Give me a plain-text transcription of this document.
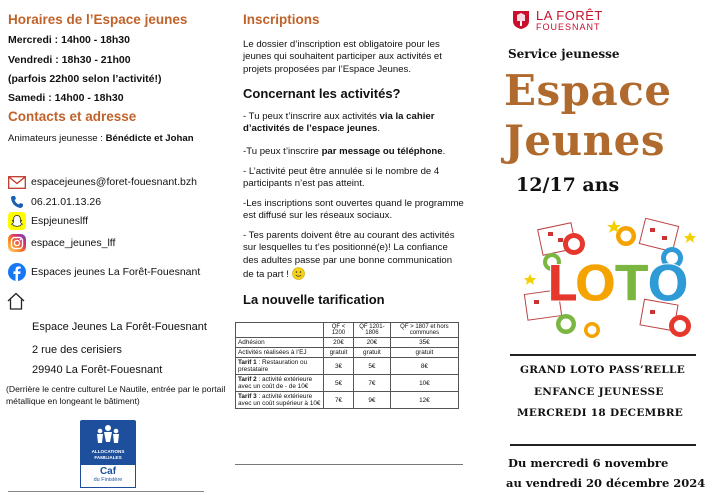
Horaires de l’Espace jeunes
Mercredi : 14h00 - 18h30
Vendredi : 18h30 - 21h00
(parfois 22h00 selon l’activité!)
Samedi : 14h00 - 18h30
Contacts et adresse
Animateurs jeunesse : Bénédicte et Johan
espacejeunes@foret-fouesnant.bzh
06.21.01.13.26
Espjeuneslff
espace_jeunes_lff
Espaces jeunes La Forêt-Fouesnant
Espace Jeunes La Forêt-Fouesnant
2 rue des cerisiers
29940 La Forêt-Fouesnant
(Derrière le centre culturel Le Nautile, entrée par le portail métallique en longeant le bâtiment)
ALLOCATIONS
FAMILIALES
Caf
du Finistère
Inscriptions
Le dossier d’inscription est obligatoire pour les jeunes qui souhaitent participer aux activités et projets proposées par l’Espace Jeunes.
Concernant les activités?
- Tu peux t’inscrire aux activités via la cahier d’activités de l’espace jeunes.
-Tu peux t’inscrire par message ou téléphone.
- L’activité peut être annulée si le nombre de 4 participants n’est pas atteint.
-Les inscriptions sont ouvertes quand le programme est diffusé sur les réseaux sociaux.
- Tes parents doivent être au courant des activités sur lesquelles tu t’es positionné(e)! La confiance des adultes passe par une bonne communication de ta part !
La nouvelle tarification
	QF < 1200	QF 1201-1806	QF > 1807 et hors communes
Adhésion	20€	20€	35€
Activités réalisées à l’EJ	gratuit	gratuit	gratuit
Tarif 1 : Restauration ou prestataire	3€	5€	8€
Tarif 2 : activité extérieure avec un coût de - de 10€	5€	7€	10€
Tarif 3 : activité extérieure avec un coût supérieur à 10€	7€	9€	12€
LA FORÊT
FOUESNANT
Service jeunesse
Espace
Jeunes
12/17 ans
LOTO
GRAND LOTO PASS’RELLE
ENFANCE JEUNESSE
MERCREDI 18 DECEMBRE
Du mercredi 6 novembre
au vendredi 20 décembre 2024
